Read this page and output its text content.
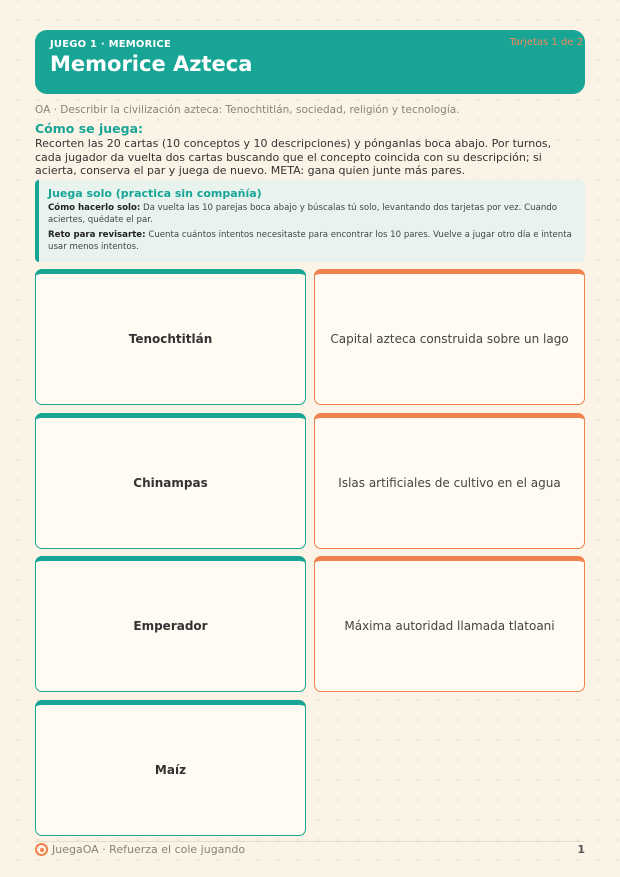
JUEGO 1 · MEMORICE
Memorice Azteca
Tarjetas 1 de 2
OA · Describir la civilización azteca: Tenochtitlán, sociedad, religión y tecnología.
Cómo se juega:
Recorten las 20 cartas (10 conceptos y 10 descripciones) y pónganlas boca abajo. Por turnos, cada jugador da vuelta dos cartas buscando que el concepto coincida con su descripción; si acierta, conserva el par y juega de nuevo. META: gana quien junte más pares.
Juega solo (practica sin compañía)

Cómo hacerlo solo: Da vuelta las 10 parejas boca abajo y búscalas tú solo, levantando dos tarjetas por vez. Cuando aciertes, quédate el par.

Reto para revisarte: Cuenta cuántos intentos necesitaste para encontrar los 10 pares. Vuelve a jugar otro día e intenta usar menos intentos.

Tenochtitlán	Capital azteca construida sobre un lago
Chinampas	Islas artificiales de cultivo en el agua
Emperador	Máxima autoridad llamada tlatoani
Maíz
JuegaOA · Refuerza el cole jugando	1
